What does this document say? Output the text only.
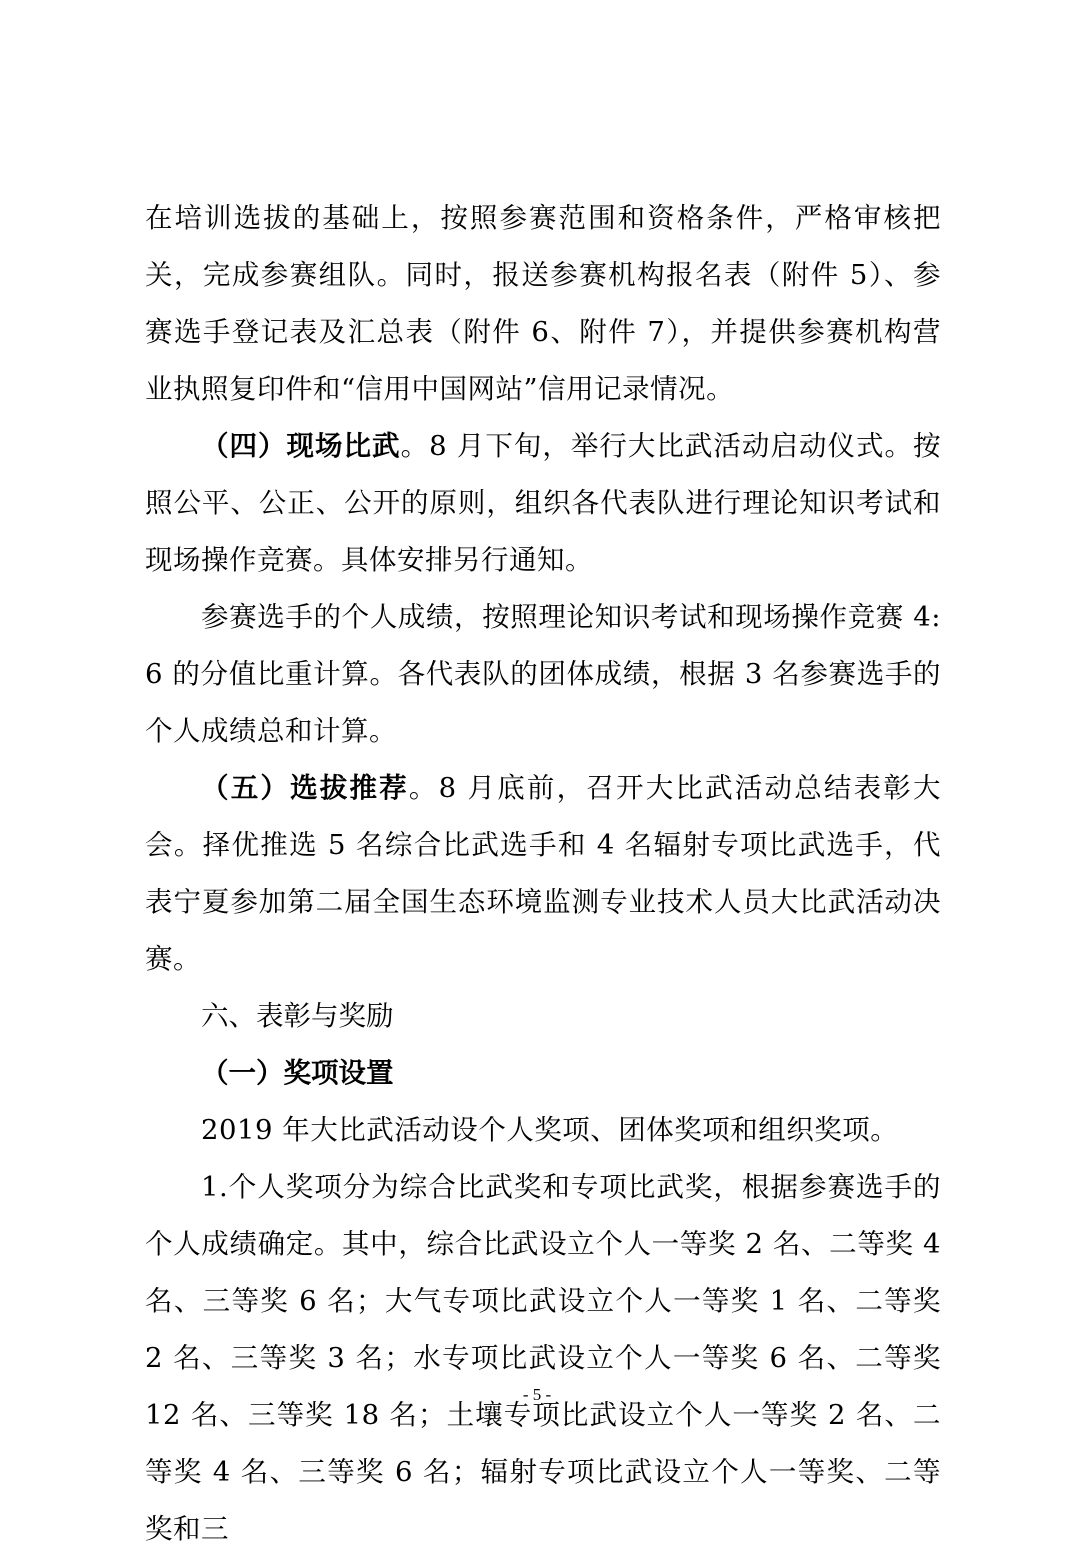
在培训选拔的基础上，按照参赛范围和资格条件，严格审核把关，完成参赛组队。同时，报送参赛机构报名表（附件 5）、参赛选手登记表及汇总表（附件 6、附件 7），并提供参赛机构营业执照复印件和“信用中国网站”信用记录情况。

（四）现场比武。8 月下旬，举行大比武活动启动仪式。按照公平、公正、公开的原则，组织各代表队进行理论知识考试和现场操作竞赛。具体安排另行通知。

参赛选手的个人成绩，按照理论知识考试和现场操作竞赛 4:6 的分值比重计算。各代表队的团体成绩，根据 3 名参赛选手的个人成绩总和计算。

（五）选拔推荐。8 月底前，召开大比武活动总结表彰大会。择优推选 5 名综合比武选手和 4 名辐射专项比武选手，代表宁夏参加第二届全国生态环境监测专业技术人员大比武活动决赛。

六、表彰与奖励

（一）奖项设置

2019 年大比武活动设个人奖项、团体奖项和组织奖项。

1.个人奖项分为综合比武奖和专项比武奖，根据参赛选手的个人成绩确定。其中，综合比武设立个人一等奖 2 名、二等奖 4 名、三等奖 6 名；大气专项比武设立个人一等奖 1 名、二等奖 2 名、三等奖 3 名；水专项比武设立个人一等奖 6 名、二等奖 12 名、三等奖 18 名；土壤专项比武设立个人一等奖 2 名、二等奖 4 名、三等奖 6 名；辐射专项比武设立个人一等奖、二等奖和三

- 5 -
